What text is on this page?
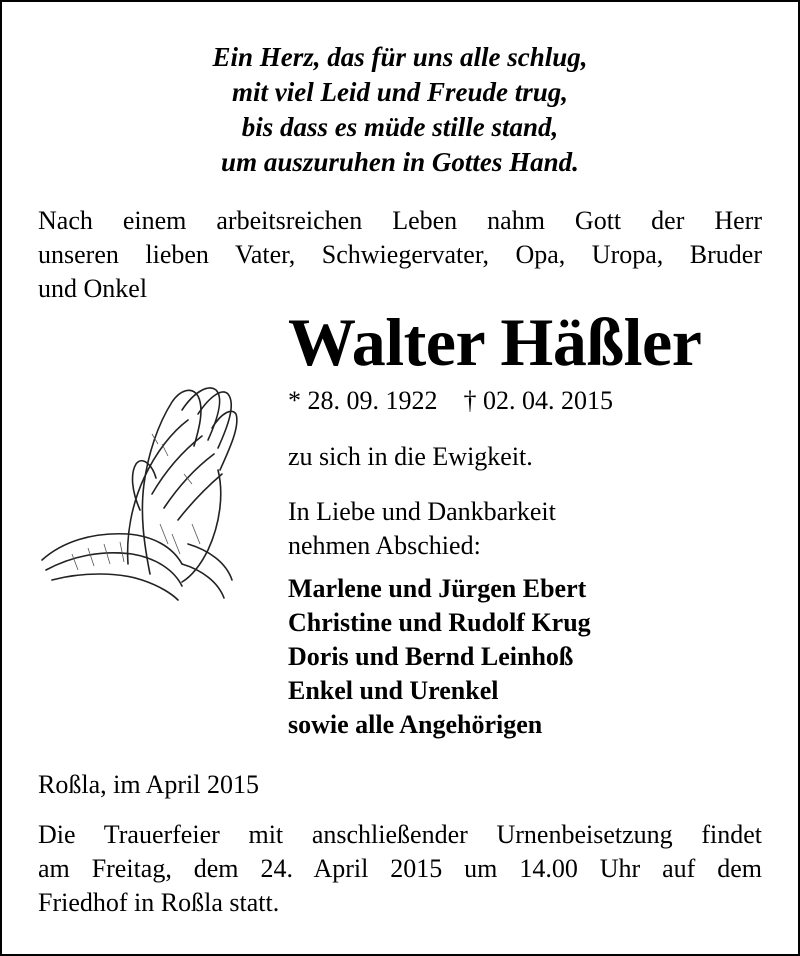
Ein Herz, das für uns alle schlug,
mit viel Leid und Freude trug,
bis dass es müde stille stand,
um auszuruhen in Gottes Hand.
Nach einem arbeitsreichen Leben nahm Gott der Herr
unseren lieben Vater, Schwiegervater, Opa, Uropa, Bruder
und Onkel
Walter Häßler
* 28. 09. 1922    † 02. 04. 2015
zu sich in die Ewigkeit.
In Liebe und Dankbarkeit
nehmen Abschied:
Marlene und Jürgen Ebert
Christine und Rudolf Krug
Doris und Bernd Leinhoß
Enkel und Urenkel
sowie alle Angehörigen
Roßla, im April 2015
Die Trauerfeier mit anschließender Urnenbeisetzung findet
am Freitag, dem 24. April 2015 um 14.00 Uhr auf dem
Friedhof in Roßla statt.
